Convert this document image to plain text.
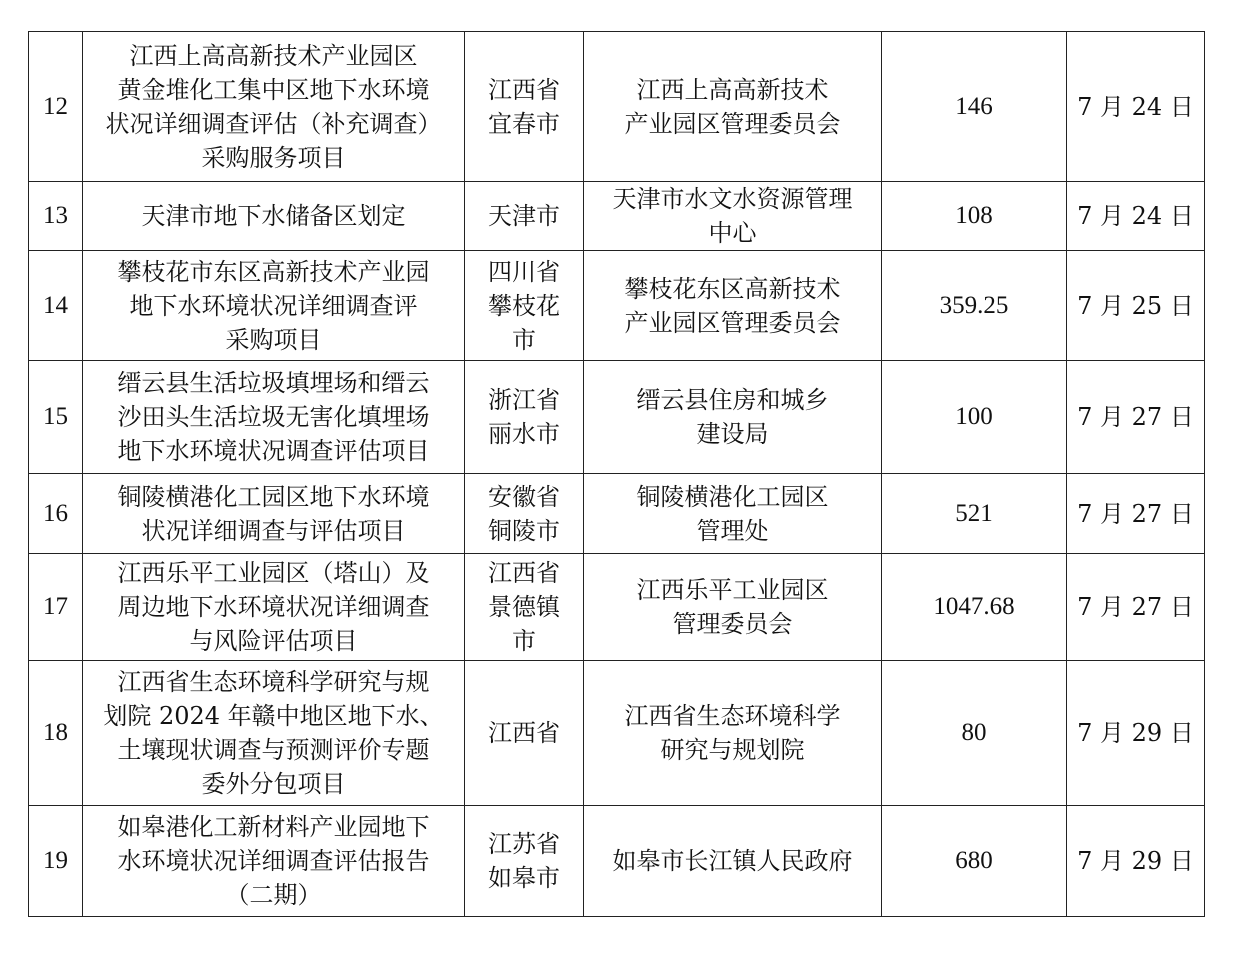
12	江西上高高新技术产业园区
黄金堆化工集中区地下水环境
状况详细调查评估（补充调查）
采购服务项目	江西省
宜春市	江西上高高新技术
产业园区管理委员会	146	7 月 24 日
13	天津市地下水储备区划定	天津市	天津市水文水资源管理
中心	108	7 月 24 日
14	攀枝花市东区高新技术产业园
地下水环境状况详细调查评
采购项目	四川省
攀枝花
市	攀枝花东区高新技术
产业园区管理委员会	359.25	7 月 25 日
15	缙云县生活垃圾填埋场和缙云
沙田头生活垃圾无害化填埋场
地下水环境状况调查评估项目	浙江省
丽水市	缙云县住房和城乡
建设局	100	7 月 27 日
16	铜陵横港化工园区地下水环境
状况详细调查与评估项目	安徽省
铜陵市	铜陵横港化工园区
管理处	521	7 月 27 日
17	江西乐平工业园区（塔山）及
周边地下水环境状况详细调查
与风险评估项目	江西省
景德镇
市	江西乐平工业园区
管理委员会	1047.68	7 月 27 日
18	江西省生态环境科学研究与规
划院 2024 年赣中地区地下水、
土壤现状调查与预测评价专题
委外分包项目	江西省	江西省生态环境科学
研究与规划院	80	7 月 29 日
19	如皋港化工新材料产业园地下
水环境状况详细调查评估报告
（二期）	江苏省
如皋市	如皋市长江镇人民政府	680	7 月 29 日
